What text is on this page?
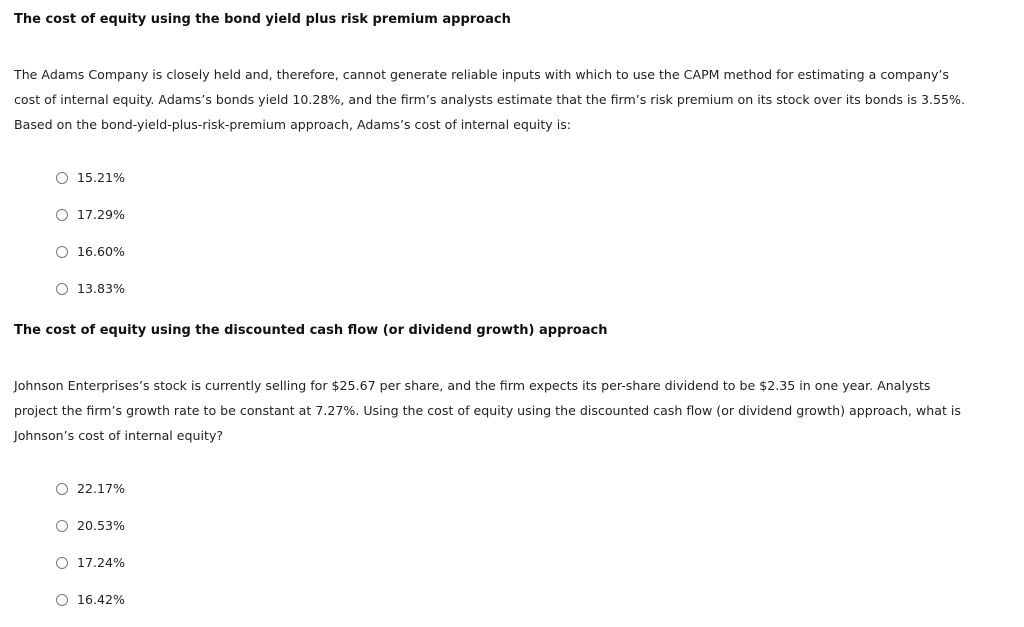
The cost of equity using the bond yield plus risk premium approach
The Adams Company is closely held and, therefore, cannot generate reliable inputs with which to use the CAPM method for estimating a company’s
cost of internal equity. Adams’s bonds yield 10.28%, and the firm’s analysts estimate that the firm’s risk premium on its stock over its bonds is 3.55%.
Based on the bond-yield-plus-risk-premium approach, Adams’s cost of internal equity is:
15.21%
17.29%
16.60%
13.83%
The cost of equity using the discounted cash flow (or dividend growth) approach
Johnson Enterprises’s stock is currently selling for $25.67 per share, and the firm expects its per-share dividend to be $2.35 in one year. Analysts
project the firm’s growth rate to be constant at 7.27%. Using the cost of equity using the discounted cash flow (or dividend growth) approach, what is
Johnson’s cost of internal equity?
22.17%
20.53%
17.24%
16.42%
